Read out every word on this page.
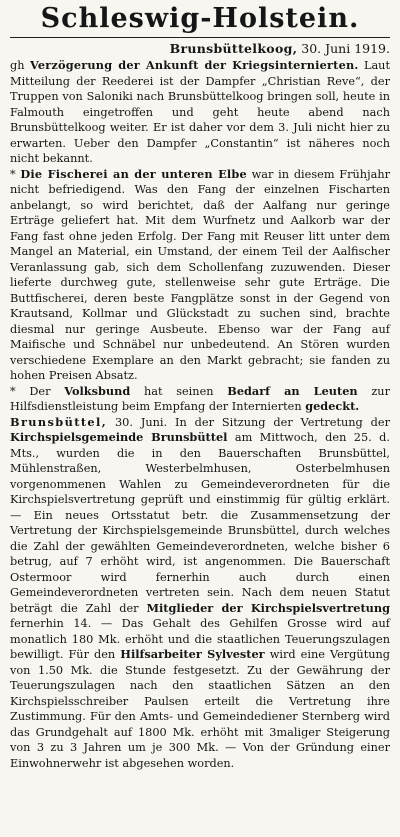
Schleswig-Holstein.
Brunsbüttelkoog, 30. Juni 1919.

gh Verzögerung der Ankunft der Kriegsinternierten. Laut Mitteilung der Reederei ist der Dampfer „Christian Reve“, der Truppen von Saloniki nach Brunsbüttelkoog bringen soll, heute in Falmouth eingetroffen und geht heute abend nach Brunsbüttelkoog weiter. Er ist daher vor dem 3. Juli nicht hier zu erwarten. Ueber den Dampfer „Constantin“ ist näheres noch nicht bekannt.

* Die Fischerei an der unteren Elbe war in diesem Frühjahr nicht befriedigend. Was den Fang der einzelnen Fischarten anbelangt, so wird berichtet, daß der Aalfang nur geringe Erträge geliefert hat. Mit dem Wurfnetz und Aalkorb war der Fang fast ohne jeden Erfolg. Der Fang mit Reuser litt unter dem Mangel an Material, ein Umstand, der einem Teil der Aalfischer Veranlassung gab, sich dem Schollenfang zuzuwenden. Dieser lieferte durchweg gute, stellenweise sehr gute Erträge. Die Buttfischerei, deren beste Fangplätze sonst in der Gegend von Krautsand, Kollmar und Glückstadt zu suchen sind, brachte diesmal nur geringe Ausbeute. Ebenso war der Fang auf Maifische und Schnäbel nur unbedeutend. An Stören wurden verschiedene Exemplare an den Markt gebracht; sie fanden zu hohen Preisen Absatz.

* Der Volksbund hat seinen Bedarf an Leuten zur Hilfsdienstleistung beim Empfang der Internierten gedeckt.

Brunsbüttel, 30. Juni. In der Sitzung der Vertretung der Kirchspielsgemeinde Brunsbüttel am Mittwoch, den 25. d. Mts., wurden die in den Bauerschaften Brunsbüttel, Mühlenstraßen, Westerbelmhusen, Osterbelmhusen vorgenommenen Wahlen zu Gemeindeverordneten für die Kirchspielsvertretung geprüft und einstimmig für gültig erklärt. — Ein neues Ortsstatut betr. die Zusammensetzung der Vertretung der Kirchspielsgemeinde Brunsbüttel, durch welches die Zahl der gewählten Gemeindeverordneten, welche bisher 6 betrug, auf 7 erhöht wird, ist angenommen. Die Bauerschaft Ostermoor wird fernerhin auch durch einen Gemeindeverordneten vertreten sein. Nach dem neuen Statut beträgt die Zahl der Mitglieder der Kirchspielsvertretung fernerhin 14. — Das Gehalt des Gehilfen Grosse wird auf monatlich 180 Mk. erhöht und die staatlichen Teuerungszulagen bewilligt. Für den Hilfsarbeiter Sylvester wird eine Vergütung von 1.50 Mk. die Stunde festgesetzt. Zu der Gewährung der Teuerungszulagen nach den staatlichen Sätzen an den Kirchspielsschreiber Paulsen erteilt die Vertretung ihre Zustimmung. Für den Amts- und Gemeindediener Sternberg wird das Grundgehalt auf 1800 Mk. erhöht mit 3maliger Steigerung von 3 zu 3 Jahren um je 300 Mk. — Von der Gründung einer Einwohnerwehr ist abgesehen worden.
